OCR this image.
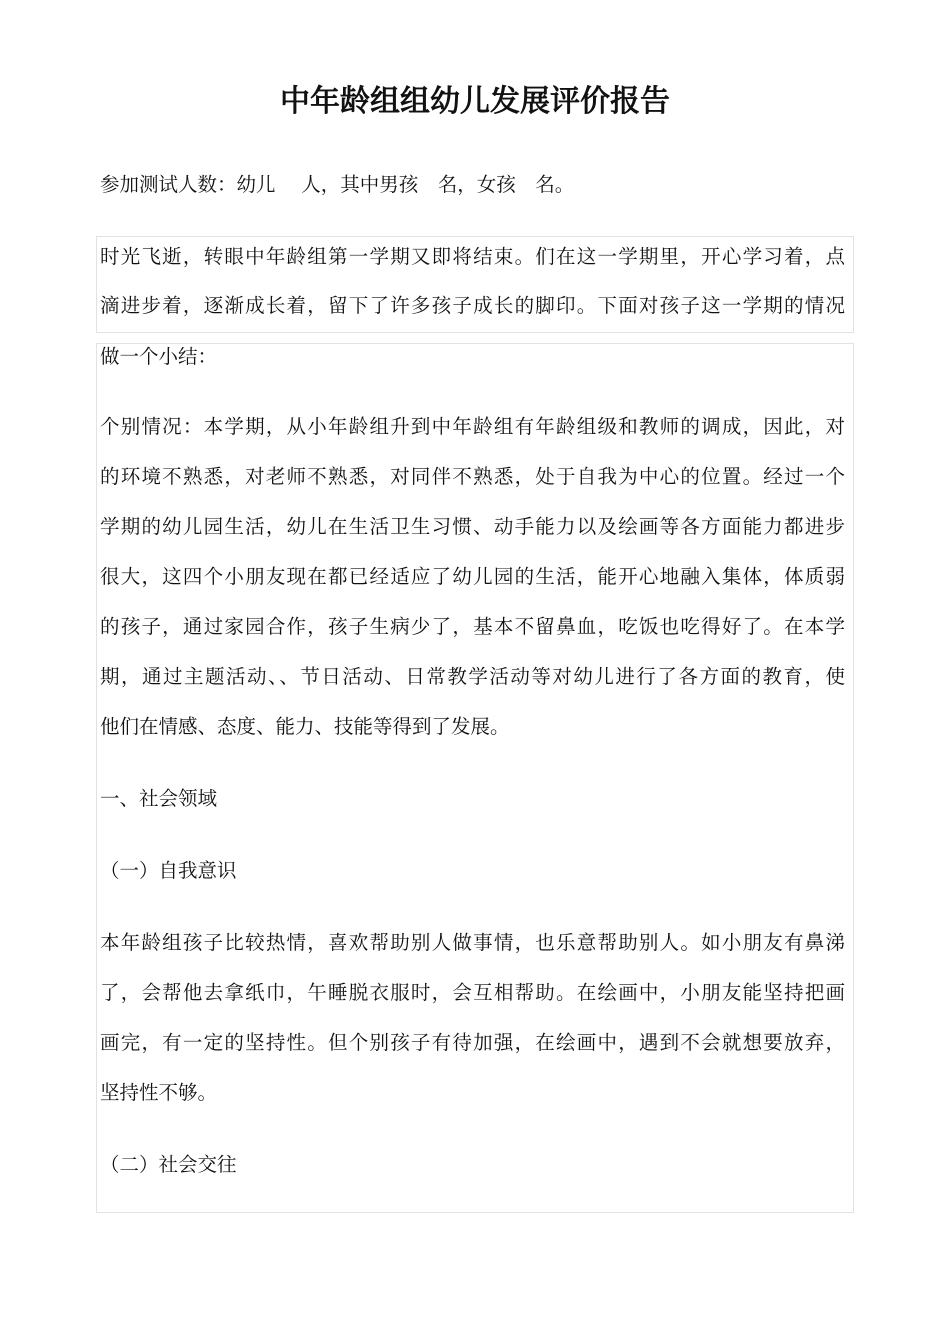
中年龄组组幼儿发展评价报告

参加测试人数：幼儿　 人，其中男孩　名，女孩　名。

时光飞逝，转眼中年龄组第一学期又即将结束。们在这一学期里，开心学习着，点

滴进步着，逐渐成长着，留下了许多孩子成长的脚印。下面对孩子这一学期的情况

做一个小结：

个别情况：本学期，从小年龄组升到中年龄组有年龄组级和教师的调成，因此，对

的环境不熟悉，对老师不熟悉，对同伴不熟悉，处于自我为中心的位置。经过一个

学期的幼儿园生活，幼儿在生活卫生习惯、动手能力以及绘画等各方面能力都进步

很大，这四个小朋友现在都已经适应了幼儿园的生活，能开心地融入集体，体质弱

的孩子，通过家园合作，孩子生病少了，基本不留鼻血，吃饭也吃得好了。在本学

期，通过主题活动、、节日活动、日常教学活动等对幼儿进行了各方面的教育，使

他们在情感、态度、能力、技能等得到了发展。

一、社会领域

（一）自我意识

本年龄组孩子比较热情，喜欢帮助别人做事情，也乐意帮助别人。如小朋友有鼻涕

了，会帮他去拿纸巾，午睡脱衣服时，会互相帮助。在绘画中，小朋友能坚持把画

画完，有一定的坚持性。但个别孩子有待加强，在绘画中，遇到不会就想要放弃，

坚持性不够。

（二）社会交往
